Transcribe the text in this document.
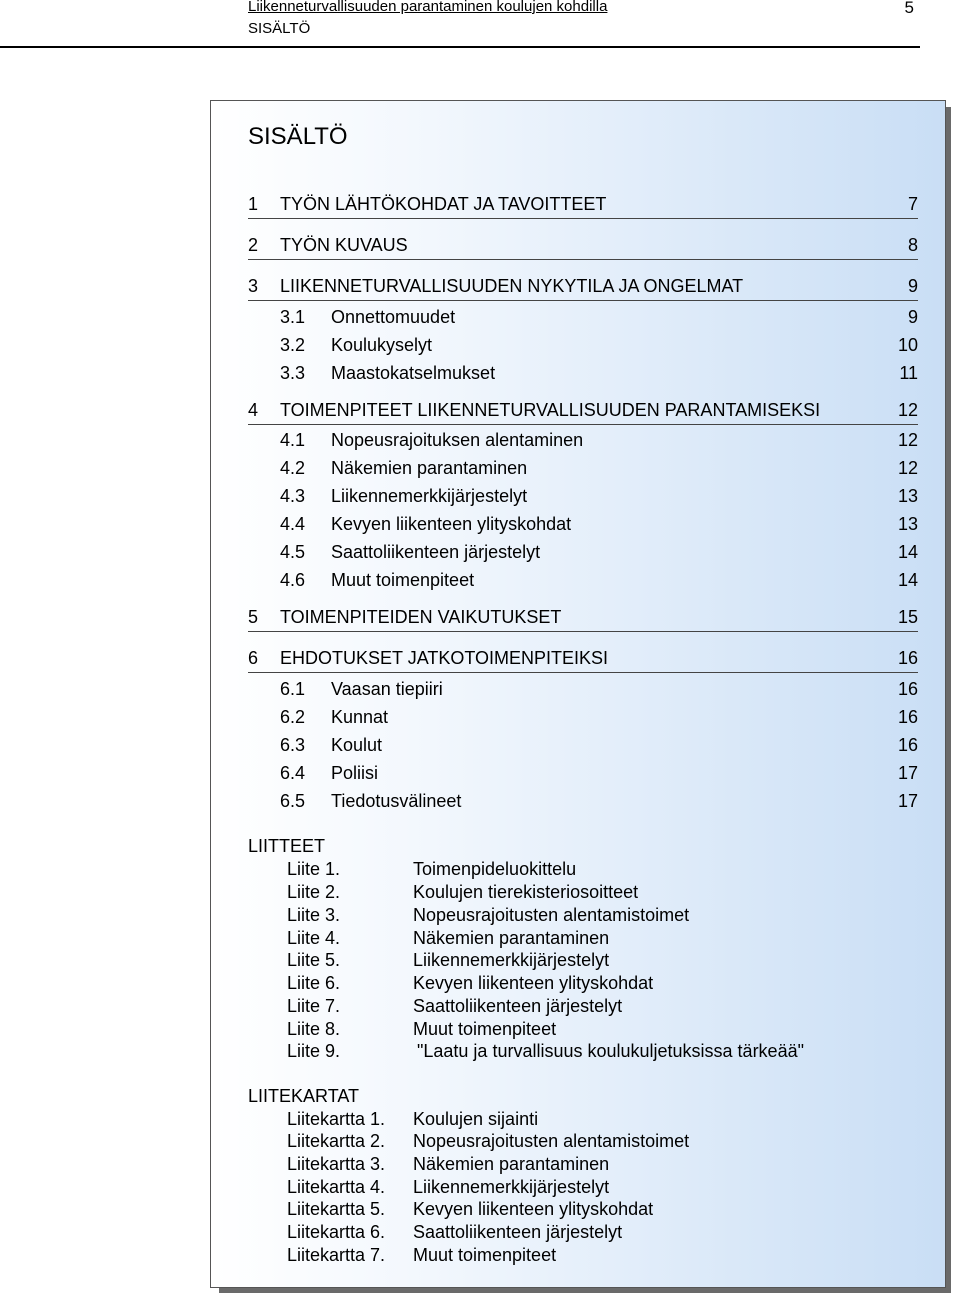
Liikenneturvallisuuden parantaminen koulujen kohdilla
SISÄLTÖ
5
SISÄLTÖ
1 TYÖN LÄHTÖKOHDAT JA TAVOITTEET	7
2 TYÖN KUVAUS	8
3 LIIKENNETURVALLISUUDEN NYKYTILA JA ONGELMAT	9
3.1 Onnettomuudet	9
3.2 Koulukyselyt	10
3.3 Maastokatselmukset	11
4 TOIMENPITEET LIIKENNETURVALLISUUDEN PARANTAMISEKSI	12
4.1 Nopeusrajoituksen alentaminen	12
4.2 Näkemien parantaminen	12
4.3 Liikennemerkkijärjestelyt	13
4.4 Kevyen liikenteen ylityskohdat	13
4.5 Saattoliikenteen järjestelyt	14
4.6 Muut toimenpiteet	14
5 TOIMENPITEIDEN VAIKUTUKSET	15
6 EHDOTUKSET JATKOTOIMENPITEIKSI	16
6.1 Vaasan tiepiiri	16
6.2 Kunnat	16
6.3 Koulut	16
6.4 Poliisi	17
6.5 Tiedotusvälineet	17
LIITTEET
Liite 1.	Toimenpideluokittelu
Liite 2.	Koulujen tierekisteriosoitteet
Liite 3.	Nopeusrajoitusten alentamistoimet
Liite 4.	Näkemien parantaminen
Liite 5.	Liikennemerkkijärjestelyt
Liite 6.	Kevyen liikenteen ylityskohdat
Liite 7.	Saattoliikenteen järjestelyt
Liite 8.	Muut toimenpiteet
Liite 9.	"Laatu ja turvallisuus koulukuljetuksissa tärkeää"
LIITEKARTAT
Liitekartta 1. Koulujen sijainti
Liitekartta 2. Nopeusrajoitusten alentamistoimet
Liitekartta 3. Näkemien parantaminen
Liitekartta 4. Liikennemerkkijärjestelyt
Liitekartta 5. Kevyen liikenteen ylityskohdat
Liitekartta 6. Saattoliikenteen järjestelyt
Liitekartta 7. Muut toimenpiteet
